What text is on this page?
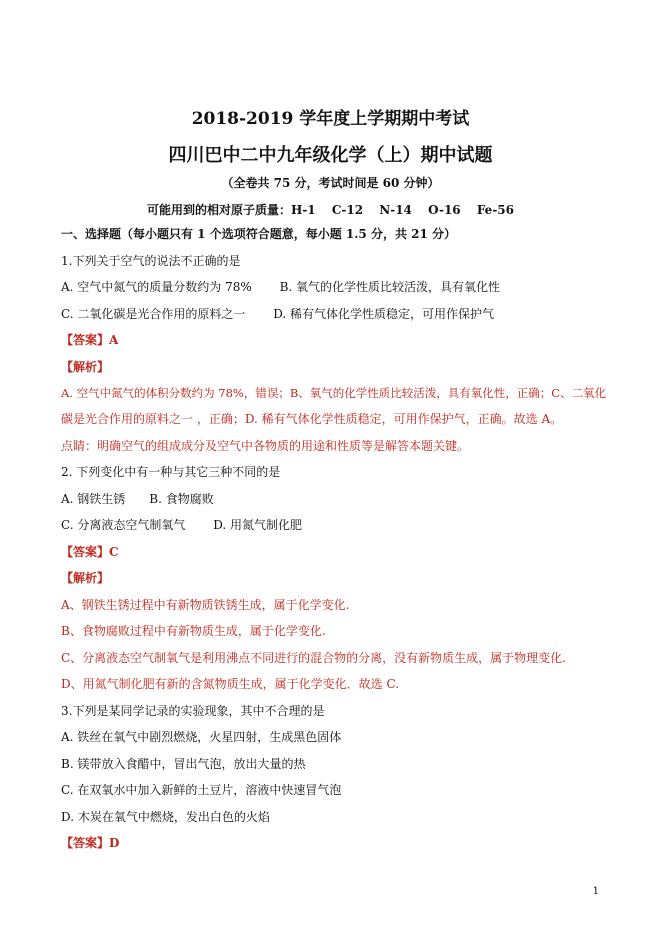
2018-2019 学年度上学期期中考试
四川巴中二中九年级化学（上）期中试题
（全卷共 75 分，考试时间是 60 分钟）
可能用到的相对原子质量：H-1　 C-12　 N-14　 O-16　 Fe-56
一、选择题（每小题只有 1 个选项符合题意，每小题 1.5 分，共 21 分）
1.下列关于空气的说法不正确的是
A. 空气中氮气的质量分数约为 78%　　 B. 氧气的化学性质比较活泼，具有氧化性
C. 二氧化碳是光合作用的原料之一　　 D. 稀有气体化学性质稳定，可用作保护气
【答案】A
【解析】
A. 空气中氮气的体积分数约为 78%，错误；B、氧气的化学性质比较活泼，具有氧化性，正确；C、二氧化
碳是光合作用的原料之一 ，正确；D. 稀有气体化学性质稳定，可用作保护气，正确。故选 A。
点睛：明确空气的组成成分及空气中各物质的用途和性质等是解答本题关键。
2. 下列变化中有一种与其它三种不同的是
A. 钢铁生锈　　B. 食物腐败
C. 分离液态空气制氧气　　 D. 用氮气制化肥
【答案】C
【解析】
A、钢铁生锈过程中有新物质铁锈生成，属于化学变化.
B、食物腐败过程中有新物质生成，属于化学变化.
C、分离液态空气制氧气是利用沸点不同进行的混合物的分离，没有新物质生成，属于物理变化.
D、用氮气制化肥有新的含氮物质生成，属于化学变化．故选 C.
3.下列是某同学记录的实验现象，其中不合理的是
A. 铁丝在氧气中剧烈燃烧，火星四射，生成黑色固体
B. 镁带放入食醋中，冒出气泡，放出大量的热
C. 在双氧水中加入新鲜的土豆片，溶液中快速冒气泡
D. 木炭在氧气中燃烧，发出白色的火焰
【答案】D
1
